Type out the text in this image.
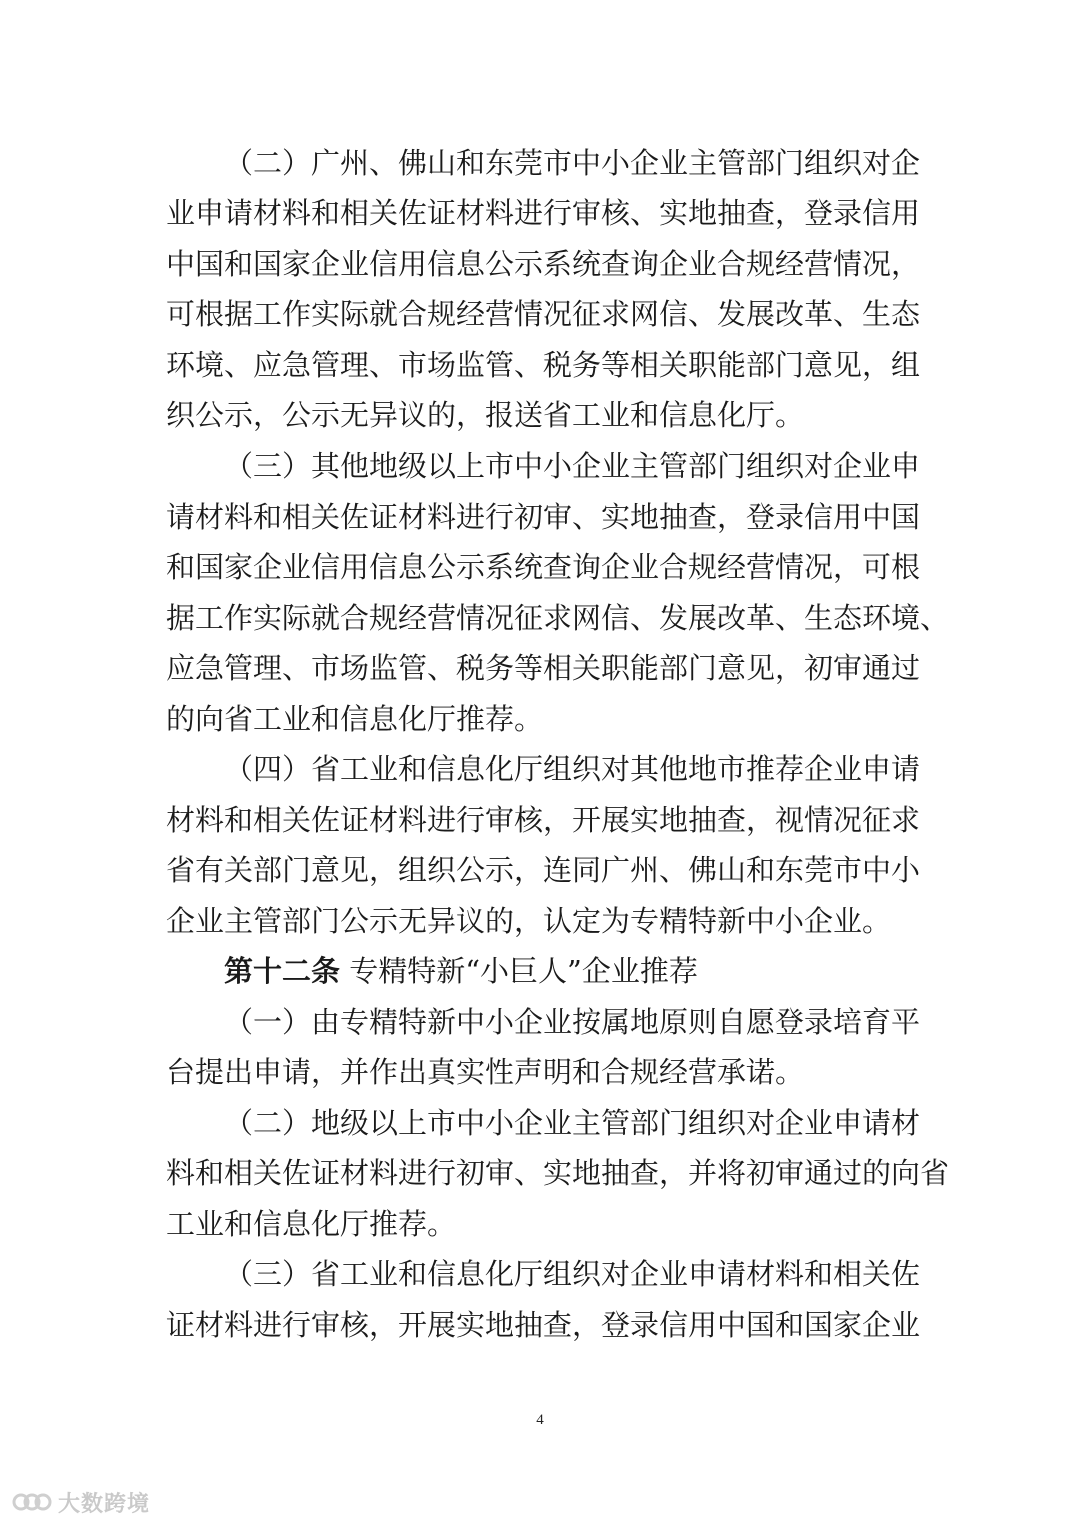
（二）广州、佛山和东莞市中小企业主管部门组织对企
业申请材料和相关佐证材料进行审核、实地抽查，登录信用
中国和国家企业信用信息公示系统查询企业合规经营情况，
可根据工作实际就合规经营情况征求网信、发展改革、生态
环境、应急管理、市场监管、税务等相关职能部门意见，组
织公示，公示无异议的，报送省工业和信息化厅。
（三）其他地级以上市中小企业主管部门组织对企业申
请材料和相关佐证材料进行初审、实地抽查，登录信用中国
和国家企业信用信息公示系统查询企业合规经营情况，可根
据工作实际就合规经营情况征求网信、发展改革、生态环境、
应急管理、市场监管、税务等相关职能部门意见，初审通过
的向省工业和信息化厅推荐。
（四）省工业和信息化厅组织对其他地市推荐企业申请
材料和相关佐证材料进行审核，开展实地抽查，视情况征求
省有关部门意见，组织公示，连同广州、佛山和东莞市中小
企业主管部门公示无异议的，认定为专精特新中小企业。
第十二条 专精特新“小巨人”企业推荐
（一）由专精特新中小企业按属地原则自愿登录培育平
台提出申请，并作出真实性声明和合规经营承诺。
（二）地级以上市中小企业主管部门组织对企业申请材
料和相关佐证材料进行初审、实地抽查，并将初审通过的向省
工业和信息化厅推荐。
（三）省工业和信息化厅组织对企业申请材料和相关佐
证材料进行审核，开展实地抽查，登录信用中国和国家企业
4
大数跨境
